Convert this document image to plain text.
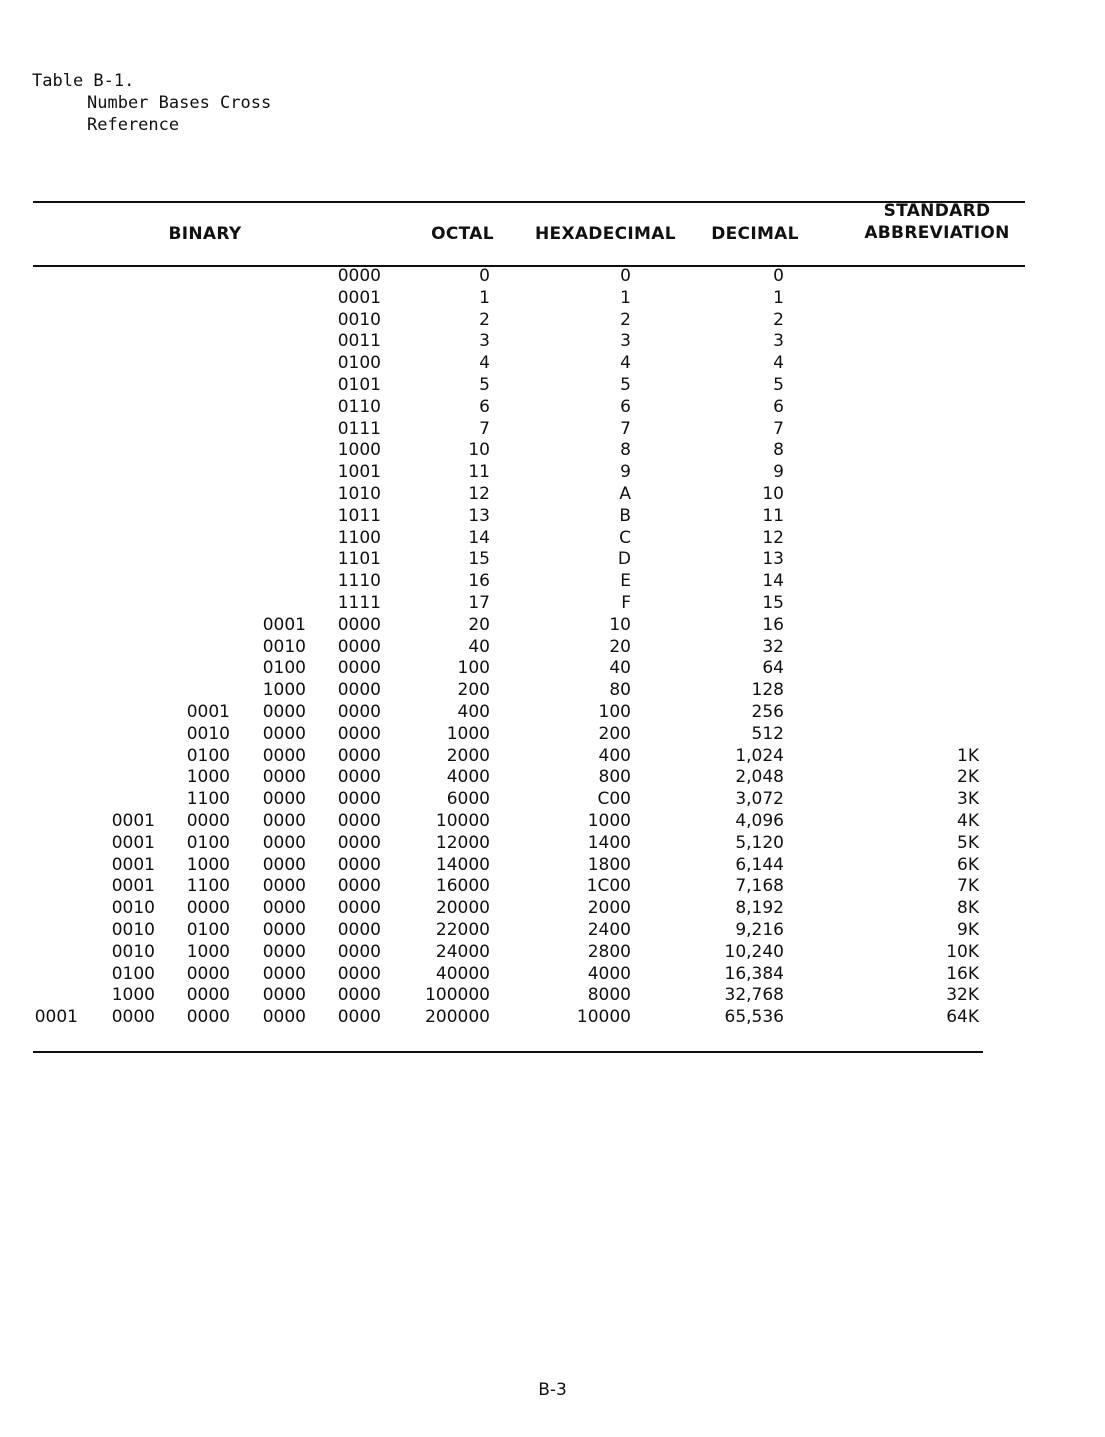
Table B-1.
Number Bases Cross
Reference
BINARY	OCTAL	HEXADECIMAL	DECIMAL
STANDARD
ABBREVIATION
0000	0	0	0
0001	1	1	1
0010	2	2	2
0011	3	3	3
0100	4	4	4
0101	5	5	5
0110	6	6	6
0111	7	7	7
1000	10	8	8
1001	11	9	9
1010	12	A	10
1011	13	B	11
1100	14	C	12
1101	15	D	13
1110	16	E	14
1111	17	F	15
0001 0000	20	10	16
0010 0000	40	20	32
0100 0000	100	40	64
1000 0000	200	80	128
0001 0000 0000	400	100	256
0010 0000 0000	1000	200	512
0100 0000 0000	2000	400	1,024	1K
1000 0000 0000	4000	800	2,048	2K
1100 0000 0000	6000	C00	3,072	3K
0001 0000 0000 0000	10000	1000	4,096	4K
0001 0100 0000 0000	12000	1400	5,120	5K
0001 1000 0000 0000	14000	1800	6,144	6K
0001 1100 0000 0000	16000	1C00	7,168	7K
0010 0000 0000 0000	20000	2000	8,192	8K
0010 0100 0000 0000	22000	2400	9,216	9K
0010 1000 0000 0000	24000	2800	10,240	10K
0100 0000 0000 0000	40000	4000	16,384	16K
1000 0000 0000 0000	100000	8000	32,768	32K
0001 0000 0000 0000 0000	200000	10000	65,536	64K
B-3
